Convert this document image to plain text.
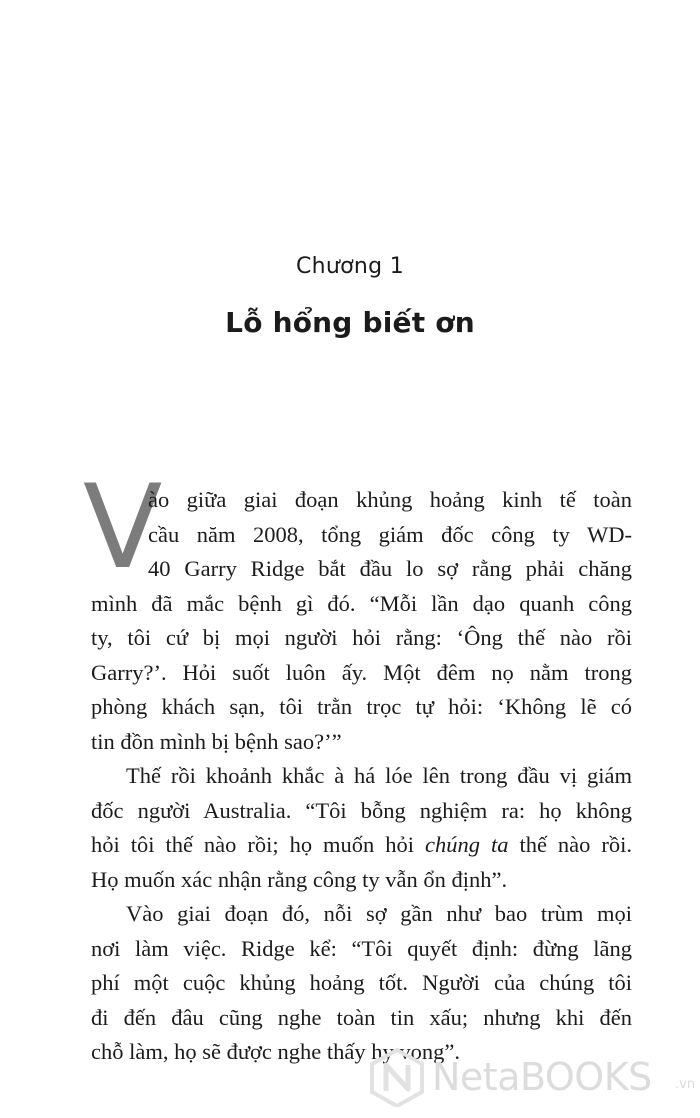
Chương 1
Lỗ hổng biết ơn
V
ào giữa giai đoạn khủng hoảng kinh tế toàn
cầu năm 2008, tổng giám đốc công ty WD-
40 Garry Ridge bắt đầu lo sợ rằng phải chăng
mình đã mắc bệnh gì đó. “Mỗi lần dạo quanh công
ty, tôi cứ bị mọi người hỏi rằng: ‘Ông thế nào rồi
Garry?’. Hỏi suốt luôn ấy. Một đêm nọ nằm trong
phòng khách sạn, tôi trằn trọc tự hỏi: ‘Không lẽ có
tin đồn mình bị bệnh sao?’”
Thế rồi khoảnh khắc à há lóe lên trong đầu vị giám
đốc người Australia. “Tôi bỗng nghiệm ra: họ không
hỏi tôi thế nào rồi; họ muốn hỏi chúng ta thế nào rồi.
Họ muốn xác nhận rằng công ty vẫn ổn định”.
Vào giai đoạn đó, nỗi sợ gần như bao trùm mọi
nơi làm việc. Ridge kể: “Tôi quyết định: đừng lãng
phí một cuộc khủng hoảng tốt. Người của chúng tôi
đi đến đâu cũng nghe toàn tin xấu; nhưng khi đến
chỗ làm, họ sẽ được nghe thấy hy vọng”.
NetaBOOKS .vn
